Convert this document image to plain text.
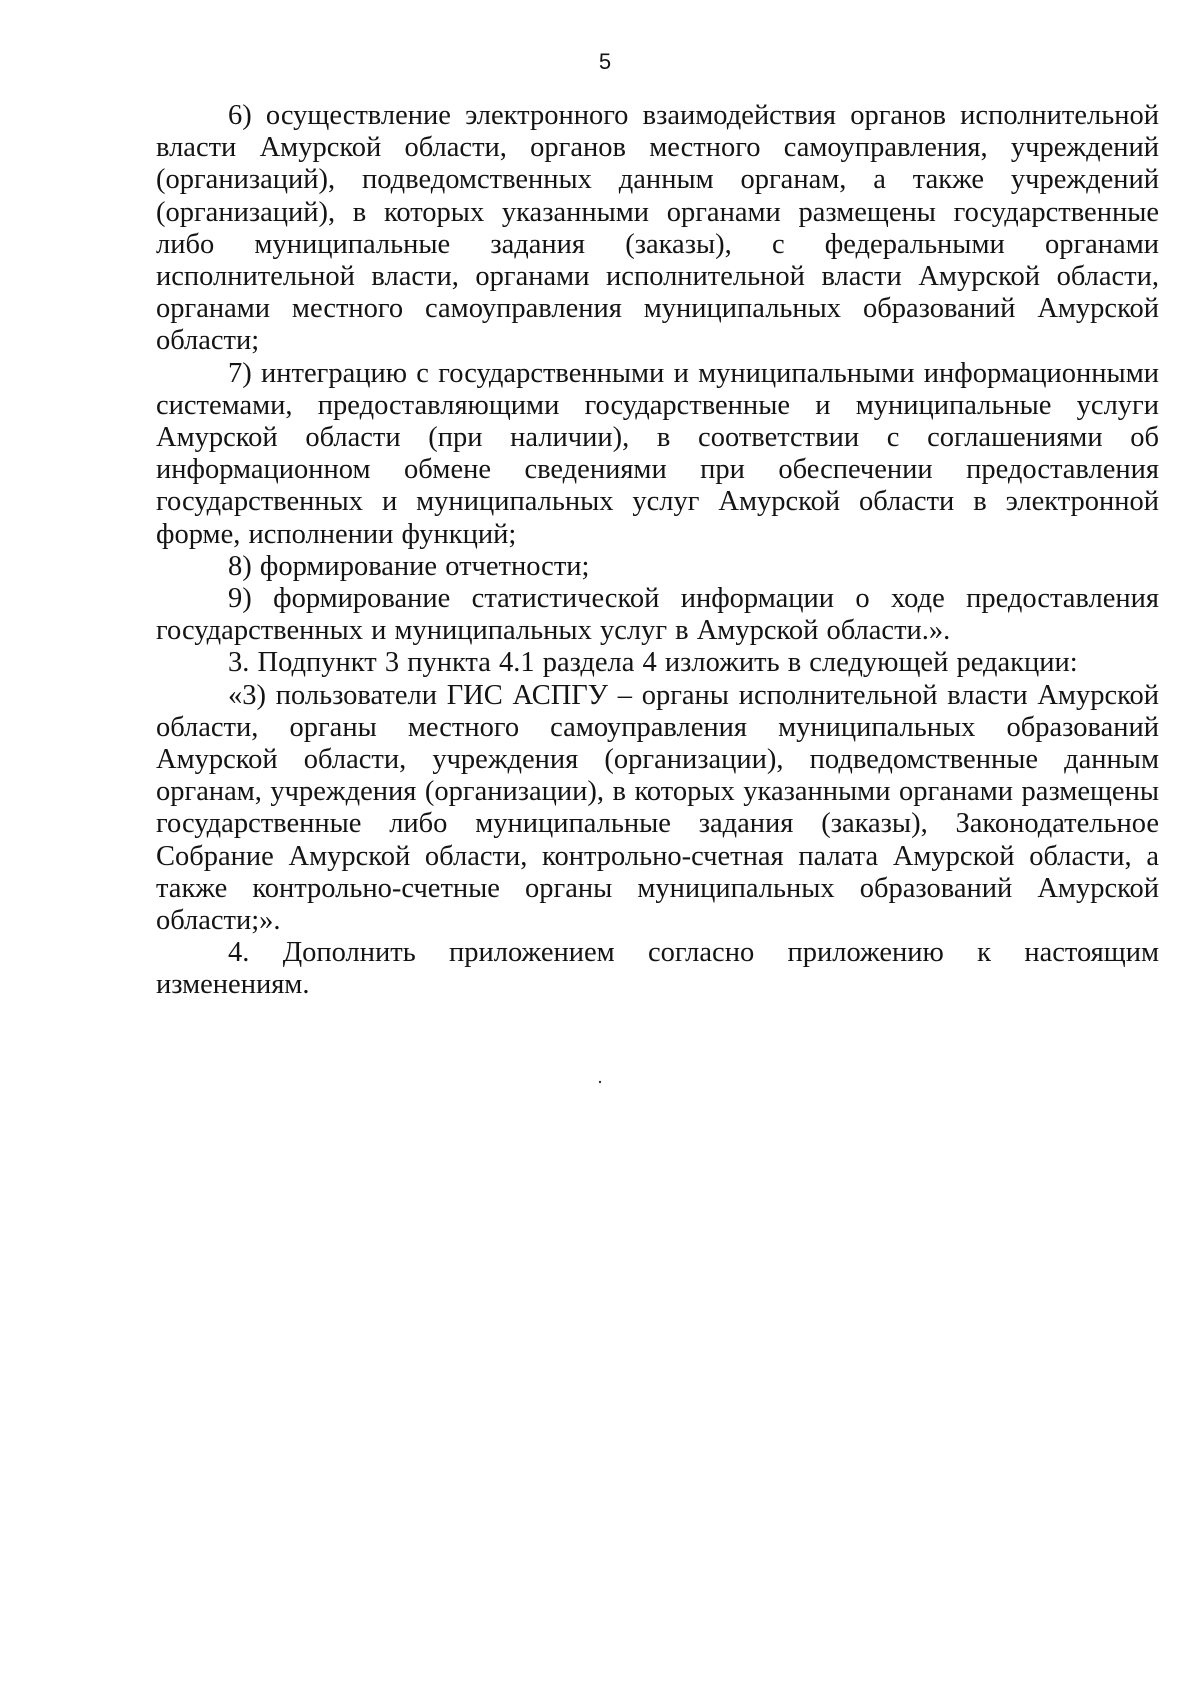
5

6) осуществление электронного взаимодействия органов исполнительной власти Амурской области, органов местного самоуправления, учреждений (организаций), подведомственных данным органам, а также учреждений (организаций), в которых указанными органами размещены государственные либо муниципальные задания (заказы), с федеральными органами исполнительной власти, органами исполнительной власти Амурской области, органами местного самоуправления муниципальных образований Амурской области;

7) интеграцию с государственными и муниципальными информационными системами, предоставляющими государственные и муниципальные услуги Амурской области (при наличии), в соответствии с соглашениями об информационном обмене сведениями при обеспечении предоставления государственных и муниципальных услуг Амурской области в электронной форме, исполнении функций;

8) формирование отчетности;

9) формирование статистической информации о ходе предоставления государственных и муниципальных услуг в Амурской области.».

3. Подпункт 3 пункта 4.1 раздела 4 изложить в следующей редакции:

«3) пользователи ГИС АСПГУ – органы исполнительной власти Амурской области, органы местного самоуправления муниципальных образований Амурской области, учреждения (организации), подведомственные данным органам, учреждения (организации), в которых указанными органами размещены государственные либо муниципальные задания (заказы), Законодательное Собрание Амурской области, контрольно-счетная палата Амурской области, а также контрольно-счетные органы муниципальных образований Амурской области;».

4. Дополнить приложением согласно приложению к настоящим изменениям.
